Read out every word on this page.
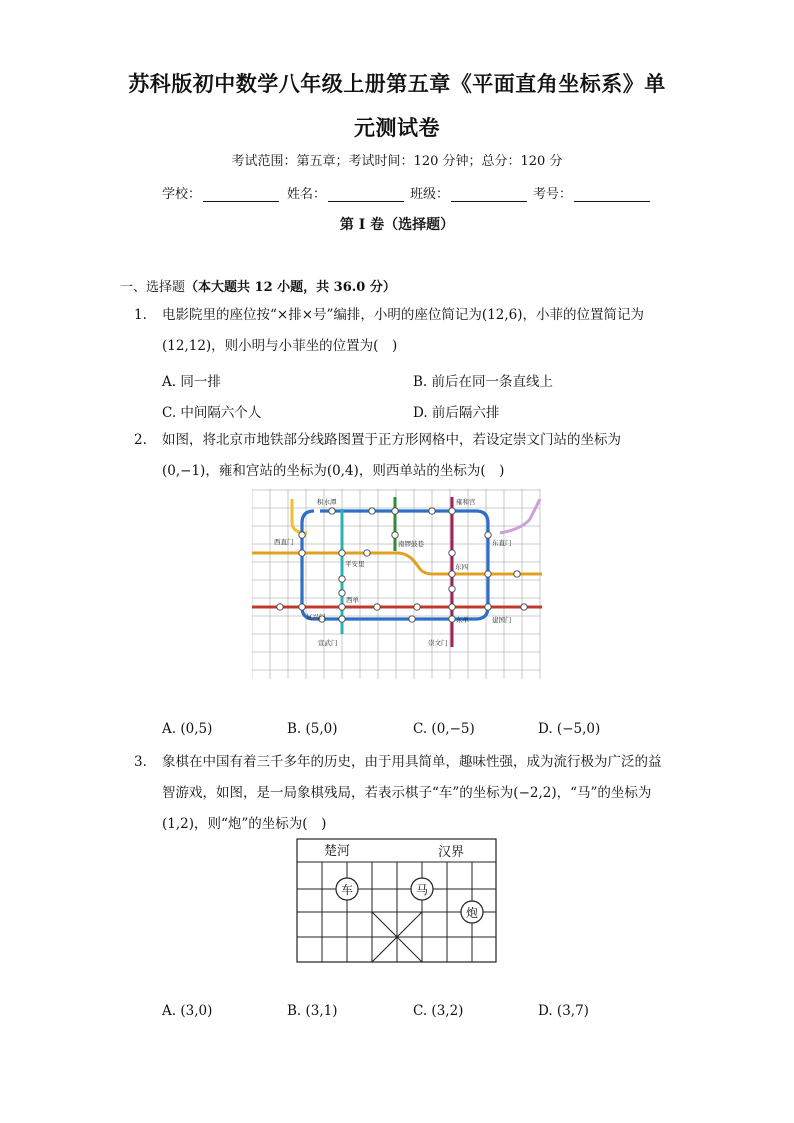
苏科版初中数学八年级上册第五章《平面直角坐标系》单
元测试卷
考试范围：第五章；考试时间：120 分钟；总分：120 分
学校：	姓名：	班级：	考号：
第 I 卷（选择题）
一、选择题（本大题共 12 小题，共 36.0 分）
1. 电影院里的座位按“×排×号”编排，小明的座位简记为(12,6)，小菲的位置简记为(12,12)，则小明与小菲坐的位置为(　)
A. 同一排	B. 前后在同一条直线上
C. 中间隔六个人	D. 前后隔六排
2. 如图，将北京市地铁部分线路图置于正方形网格中，若设定崇文门站的坐标为(0,−1)，雍和宫站的坐标为(0,4)，则西单站的坐标为(　)
积水潭	雍和宫
西直门	东直门
南锣鼓巷
平安里	东四
西单
复兴门	东单	建国门
宣武门	崇文门
A. (0,5)	B. (5,0)	C. (0,−5)	D. (−5,0)
3. 象棋在中国有着三千多年的历史，由于用具简单，趣味性强，成为流行极为广泛的益智游戏，如图，是一局象棋残局，若表示棋子“车”的坐标为(−2,2)，“马”的坐标为(1,2)，则“炮”的坐标为(　)
楚河	汉界
车	马
炮
A. (3,0)	B. (3,1)	C. (3,2)	D. (3,7)
